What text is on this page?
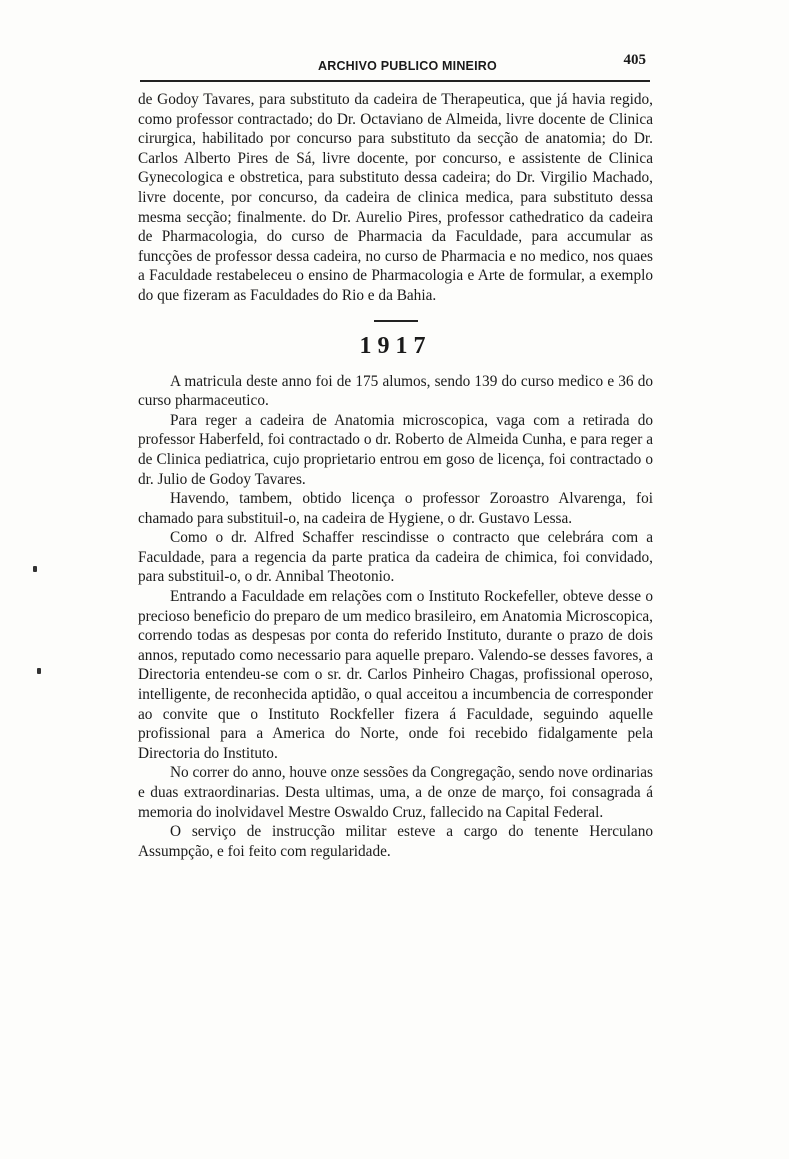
ARCHIVO PUBLICO MINEIRO	405

de Godoy Tavares, para substituto da cadeira de Therapeutica, que já havia regido, como professor contractado; do Dr. Octaviano de Almeida, livre docente de Clinica cirurgica, habilitado por concurso para substituto da secção de anatomia; do Dr. Carlos Alberto Pires de Sá, livre docente, por concurso, e assistente de Clinica Gynecologica e obstretica, para substituto dessa cadeira; do Dr. Virgilio Machado, livre docente, por concurso, da cadeira de clinica medica, para substituto dessa mesma secção; finalmente. do Dr. Aurelio Pires, professor cathedratico da cadeira de Pharmacologia, do curso de Pharmacia da Faculdade, para accumular as funcções de professor dessa cadeira, no curso de Pharmacia e no medico, nos quaes a Faculdade restabeleceu o ensino de Pharmacologia e Arte de formular, a exemplo do que fizeram as Faculdades do Rio e da Bahia.

1917

A matricula deste anno foi de 175 alumos, sendo 139 do curso medico e 36 do curso pharmaceutico.

Para reger a cadeira de Anatomia microscopica, vaga com a retirada do professor Haberfeld, foi contractado o dr. Roberto de Almeida Cunha, e para reger a de Clinica pediatrica, cujo proprietario entrou em goso de licença, foi contractado o dr. Julio de Godoy Tavares.

Havendo, tambem, obtido licença o professor Zoroastro Alvarenga, foi chamado para substituil-o, na cadeira de Hygiene, o dr. Gustavo Lessa.

Como o dr. Alfred Schaffer rescindisse o contracto que celebrára com a Faculdade, para a regencia da parte pratica da cadeira de chimica, foi convidado, para substituil-o, o dr. Annibal Theotonio.

Entrando a Faculdade em relações com o Instituto Rockefeller, obteve desse o precioso beneficio do preparo de um medico brasileiro, em Anatomia Microscopica, correndo todas as despesas por conta do referido Instituto, durante o prazo de dois annos, reputado como necessario para aquelle preparo. Valendo-se desses favores, a Directoria entendeu-se com o sr. dr. Carlos Pinheiro Chagas, profissional operoso, intelligente, de reconhecida aptidão, o qual acceitou a incumbencia de corresponder ao convite que o Instituto Rockfeller fizera á Faculdade, seguindo aquelle profissional para a America do Norte, onde foi recebido fidalgamente pela Directoria do Instituto.

No correr do anno, houve onze sessões da Congregação, sendo nove ordinarias e duas extraordinarias. Desta ultimas, uma, a de onze de março, foi consagrada á memoria do inolvidavel Mestre Oswaldo Cruz, fallecido na Capital Federal.

O serviço de instrucção militar esteve a cargo do tenente Herculano Assumpção, e foi feito com regularidade.
